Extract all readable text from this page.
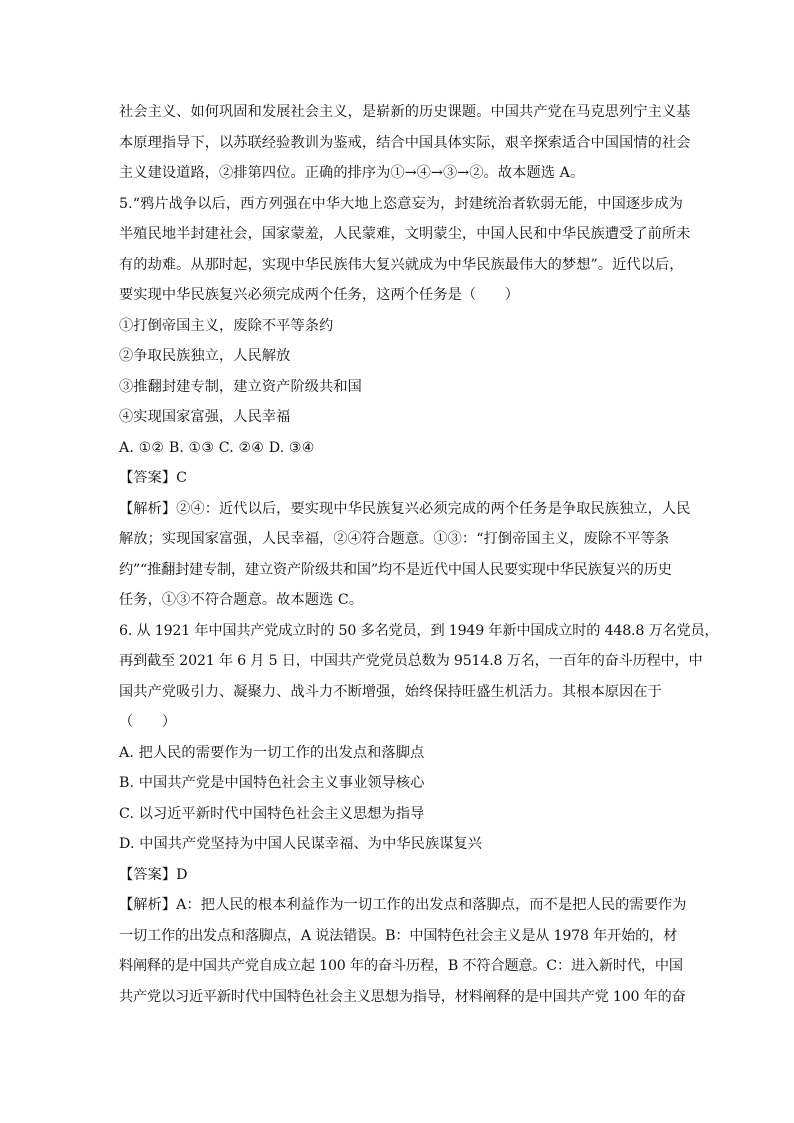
社会主义、如何巩固和发展社会主义，是崭新的历史课题。中国共产党在马克思列宁主义基
本原理指导下，以苏联经验教训为鉴戒，结合中国具体实际，艰辛探索适合中国国情的社会
主义建设道路，②排第四位。正确的排序为①→④→③→②。故本题选 A。
5.“鸦片战争以后，西方列强在中华大地上恣意妄为，封建统治者软弱无能，中国逐步成为
半殖民地半封建社会，国家蒙羞，人民蒙难，文明蒙尘，中国人民和中华民族遭受了前所未
有的劫难。从那时起，实现中华民族伟大复兴就成为中华民族最伟大的梦想”。近代以后，
要实现中华民族复兴必须完成两个任务，这两个任务是（　　）
①打倒帝国主义，废除不平等条约
②争取民族独立，人民解放
③推翻封建专制，建立资产阶级共和国
④实现国家富强，人民幸福
A. ①② B. ①③ C. ②④ D. ③④
【答案】C
【解析】②④：近代以后，要实现中华民族复兴必须完成的两个任务是争取民族独立，人民
解放；实现国家富强，人民幸福，②④符合题意。①③：“打倒帝国主义，废除不平等条
约”“推翻封建专制，建立资产阶级共和国”均不是近代中国人民要实现中华民族复兴的历史
任务，①③不符合题意。故本题选 C。
6. 从 1921 年中国共产党成立时的 50 多名党员，到 1949 年新中国成立时的 448.8 万名党员，
再到截至 2021 年 6 月 5 日，中国共产党党员总数为 9514.8 万名，一百年的奋斗历程中，中
国共产党吸引力、凝聚力、战斗力不断增强，始终保持旺盛生机活力。其根本原因在于
（　　）
A. 把人民的需要作为一切工作的出发点和落脚点
B. 中国共产党是中国特色社会主义事业领导核心
C. 以习近平新时代中国特色社会主义思想为指导
D. 中国共产党坚持为中国人民谋幸福、为中华民族谋复兴
【答案】D
【解析】A：把人民的根本利益作为一切工作的出发点和落脚点，而不是把人民的需要作为
一切工作的出发点和落脚点，A 说法错误。B：中国特色社会主义是从 1978 年开始的，材
料阐释的是中国共产党自成立起 100 年的奋斗历程，B 不符合题意。C：进入新时代，中国
共产党以习近平新时代中国特色社会主义思想为指导，材料阐释的是中国共产党 100 年的奋
